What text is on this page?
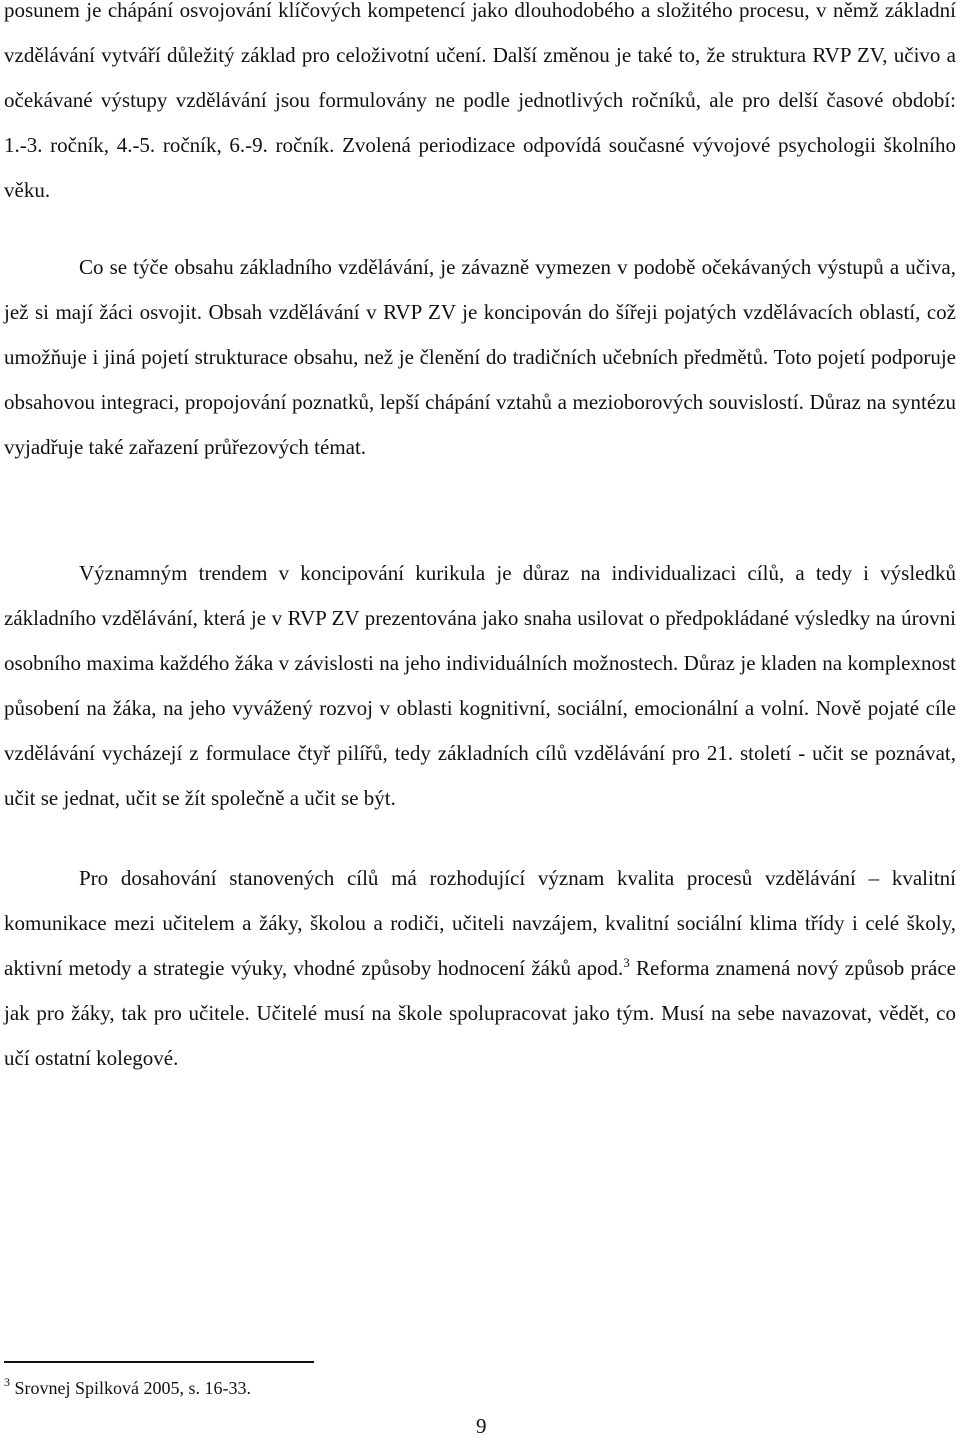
posunem je chápání osvojování klíčových kompetencí jako dlouhodobého a složitého procesu, v němž základní vzdělávání vytváří důležitý základ pro celoživotní učení. Další změnou je také to, že struktura RVP ZV, učivo a očekávané výstupy vzdělávání jsou formulovány ne podle jednotlivých ročníků, ale pro delší časové období: 1.-3. ročník, 4.-5. ročník, 6.-9. ročník. Zvolená periodizace odpovídá současné vývojové psychologii školního věku.

Co se týče obsahu základního vzdělávání, je závazně vymezen v podobě očekávaných výstupů a učiva, jež si mají žáci osvojit. Obsah vzdělávání v RVP ZV je koncipován do šířeji pojatých vzdělávacích oblastí, což umožňuje i jiná pojetí strukturace obsahu, než je členění do tradičních učebních předmětů. Toto pojetí podporuje obsahovou integraci, propojování poznatků, lepší chápání vztahů a mezioborových souvislostí. Důraz na syntézu vyjadřuje také zařazení průřezových témat.

Významným trendem v koncipování kurikula je důraz na individualizaci cílů, a tedy i výsledků základního vzdělávání, která je v RVP ZV prezentována jako snaha usilovat o předpokládané výsledky na úrovni osobního maxima každého žáka v závislosti na jeho individuálních možnostech. Důraz je kladen na komplexnost působení na žáka, na jeho vyvážený rozvoj v oblasti kognitivní, sociální, emocionální a volní. Nově pojaté cíle vzdělávání vycházejí z formulace čtyř pilířů, tedy základních cílů vzdělávání pro 21. století - učit se poznávat, učit se jednat, učit se žít společně a učit se být.

Pro dosahování stanovených cílů má rozhodující význam kvalita procesů vzdělávání – kvalitní komunikace mezi učitelem a žáky, školou a rodiči, učiteli navzájem, kvalitní sociální klima třídy i celé školy, aktivní metody a strategie výuky, vhodné způsoby hodnocení žáků apod.$^3$ Reforma znamená nový způsob práce jak pro žáky, tak pro učitele. Učitelé musí na škole spolupracovat jako tým. Musí na sebe navazovat, vědět, co učí ostatní kolegové.

$^3$ Srovnej Spilková 2005, s. 16-33.

9
